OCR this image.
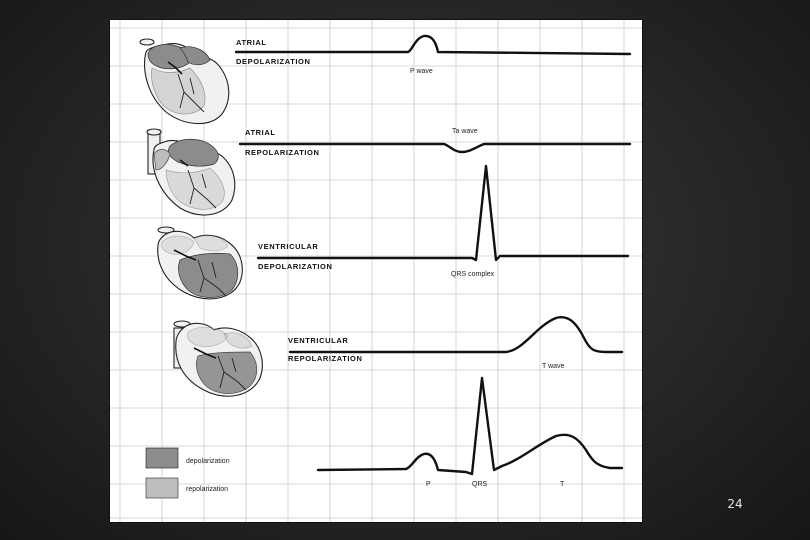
ATRIAL
DEPOLARIZATION
P wave
ATRIAL
REPOLARIZATION
Ta wave
VENTRICULAR
DEPOLARIZATION
QRS complex
VENTRICULAR
REPOLARIZATION
T wave
depolarization
repolarization
P	QRS	T
24
